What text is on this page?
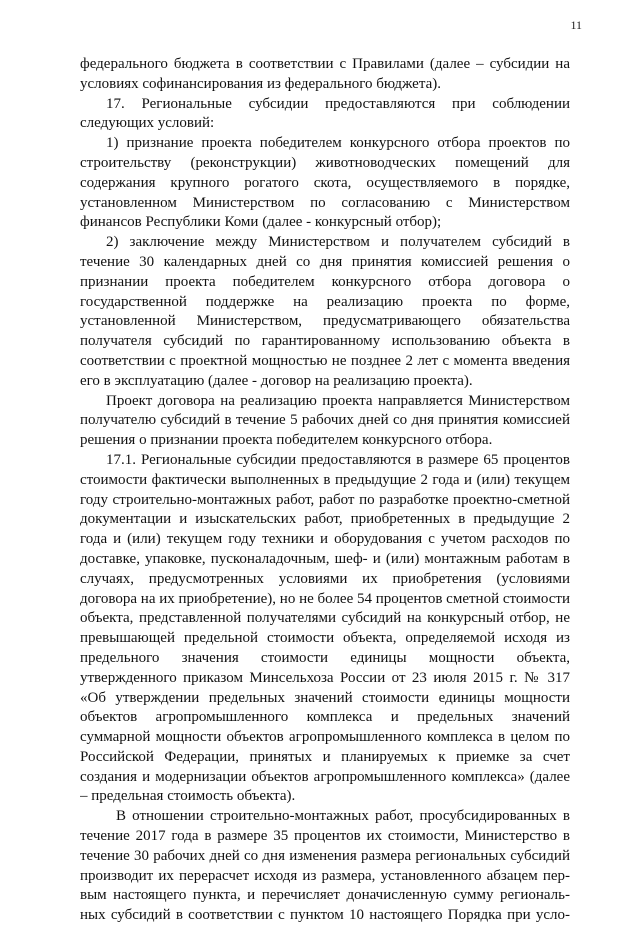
11
федерального бюджета в соответствии с Правилами (далее – субсидии на
условиях софинансирования из федерального бюджета).
17. Региональные субсидии предоставляются при соблюдении
следующих условий:
1) признание проекта победителем конкурсного отбора проектов по
строительству (реконструкции) животноводческих помещений для
содержания крупного рогатого скота, осуществляемого в порядке,
установленном Министерством по согласованию с Министерством
финансов Республики Коми (далее - конкурсный отбор);
2) заключение между Министерством и получателем субсидий в
течение 30 календарных дней со дня принятия комиссией решения о
признании проекта победителем конкурсного отбора договора о
государственной поддержке на реализацию проекта по форме,
установленной Министерством, предусматривающего обязательства
получателя субсидий по гарантированному использованию объекта в
соответствии с проектной мощностью не позднее 2 лет с момента введения
его в эксплуатацию (далее - договор на реализацию проекта).
Проект договора на реализацию проекта направляется Министерством
получателю субсидий в течение 5 рабочих дней со дня принятия комиссией
решения о признании проекта победителем конкурсного отбора.
17.1. Региональные субсидии предоставляются в размере 65 процентов
стоимости фактически выполненных в предыдущие 2 года и (или) текущем
году строительно-монтажных работ, работ по разработке проектно-сметной
документации и изыскательских работ, приобретенных в предыдущие 2
года и (или) текущем году техники и оборудования с учетом расходов по
доставке, упаковке, пусконаладочным, шеф- и (или) монтажным работам в
случаях, предусмотренных условиями их приобретения (условиями
договора на их приобретение), но не более 54 процентов сметной стоимости
объекта, представленной получателями субсидий на конкурсный отбор, не
превышающей предельной стоимости объекта, определяемой исходя из
предельного значения стоимости единицы мощности объекта,
утвержденного приказом Минсельхоза России от 23 июля 2015 г. № 317
«Об утверждении предельных значений стоимости единицы мощности
объектов агропромышленного комплекса и предельных значений
суммарной мощности объектов агропромышленного комплекса в целом по
Российской Федерации, принятых и планируемых к приемке за счет
создания и модернизации объектов агропромышленного комплекса» (далее
– предельная стоимость объекта).
В отношении строительно-монтажных работ, просубсидированных в
течение 2017 года в размере 35 процентов их стоимости, Министерство в
течение 30 рабочих дней со дня изменения размера региональных субсидий
производит их перерасчет исходя из размера, установленного абзацем пер-
вым настоящего пункта, и перечисляет доначисленную сумму региональ-
ных субсидий в соответствии с пунктом 10 настоящего Порядка при усло-
